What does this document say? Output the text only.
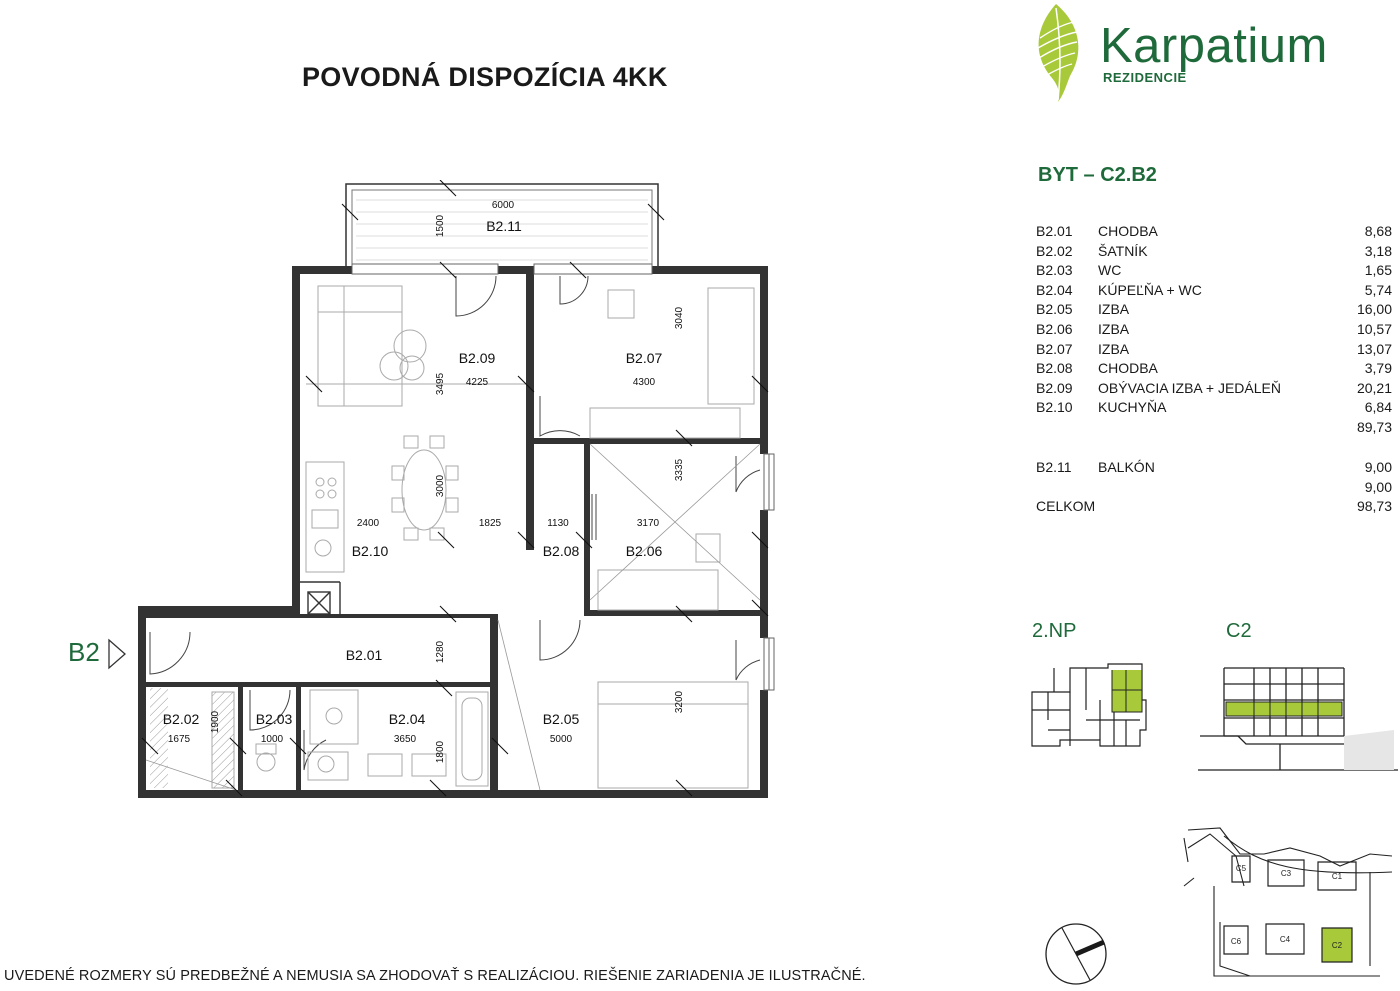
POVODNÁ DISPOZÍCIA 4KK
Karpatium
REZIDENCIE
BYT – C2.B2
B2.01 CHODBA	8,68
B2.02 ŠATNÍK	3,18
B2.03 WC	1,65
B2.04 KÚPEĽŇA + WC	5,74
B2.05 IZBA	16,00
B2.06 IZBA	10,57
B2.07 IZBA	13,07
B2.08 CHODBA	3,79
B2.09 OBÝVACIA IZBA + JEDÁLEŇ	20,21
B2.10 KUCHYŇA	6,84
89,73
B2.11 BALKÓN	9,00
9,00
CELKOM	98,73
2.NP	C2
C5
C3	C1
C6	C4
C2
B2
B2.11
B2.09	B2.07
B2.10	B2.08	B2.06
B2.01
B2.02	B2.03	B2.04	B2.05
6000
4225	4300
2400	1825	1130	3170
1675	1000	3650	5000
1500
3495
3040
3000
3335
1280
1900
1800
3200
UVEDENÉ ROZMERY SÚ PREDBEŽNÉ A NEMUSIA SA ZHODOVAŤ S REALIZÁCIOU. RIEŠENIE ZARIADENIA JE ILUSTRAČNÉ.
